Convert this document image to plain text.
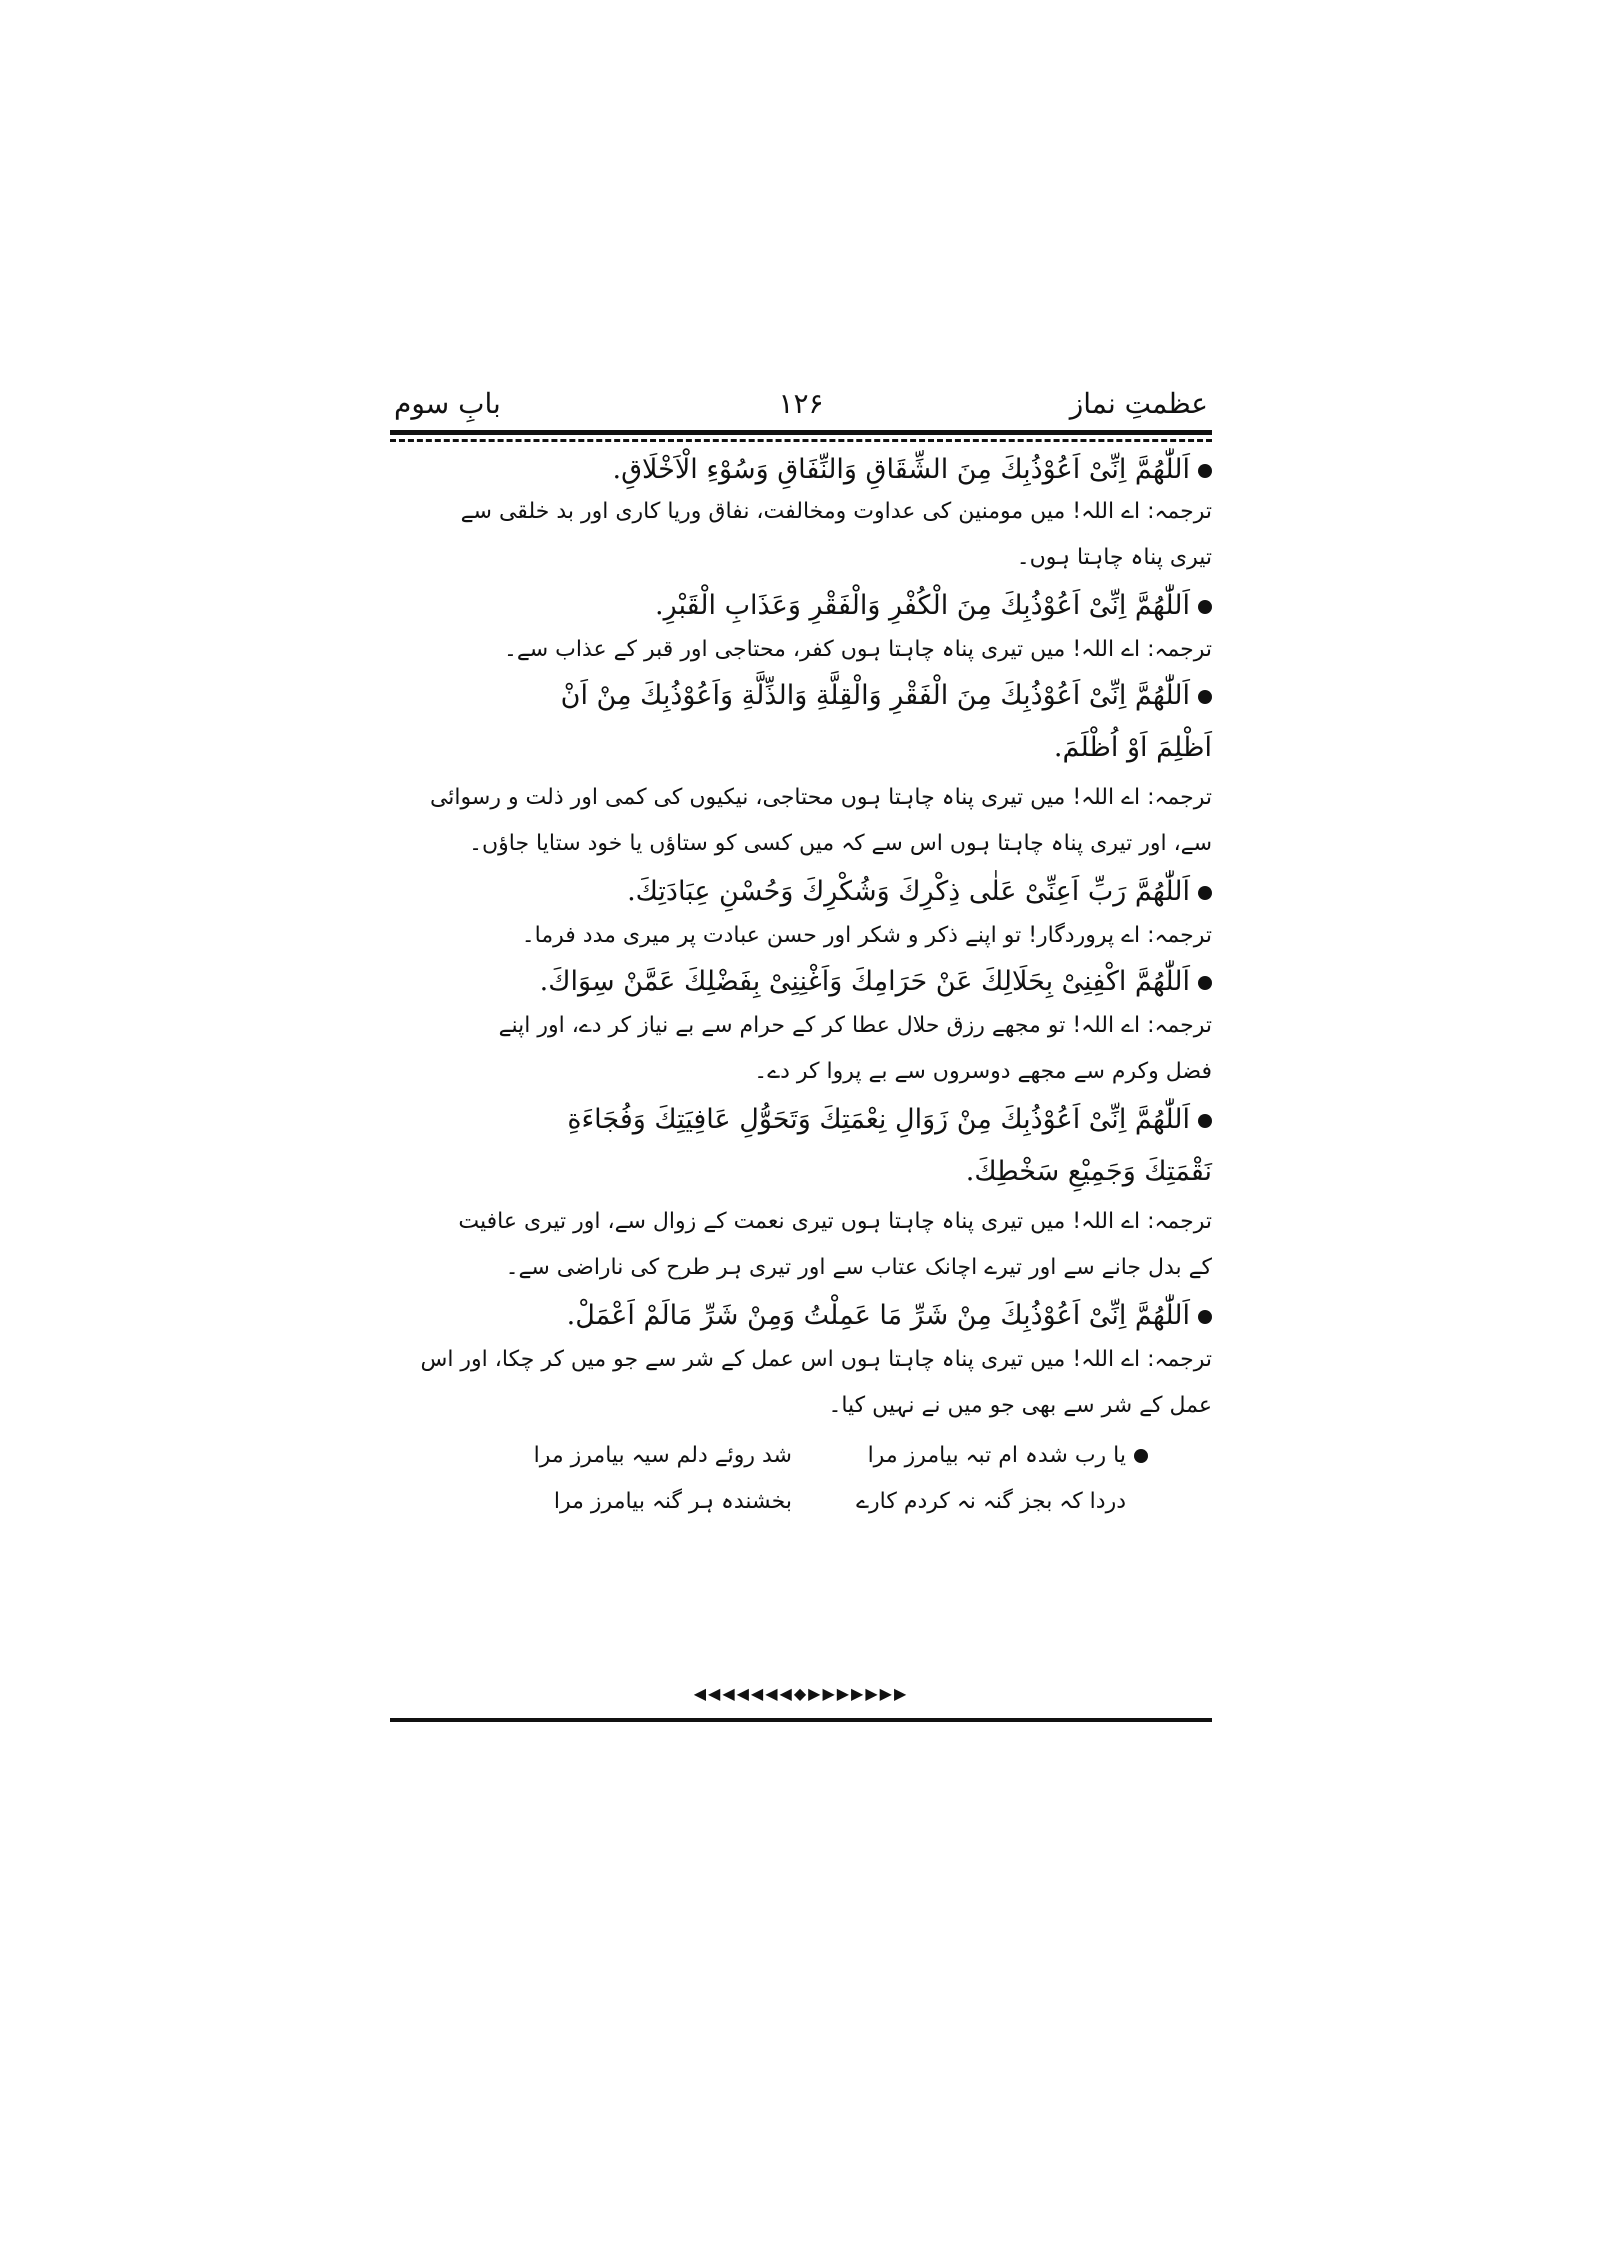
عظمتِ نماز
۱۲۶
بابِ سوم
اَللّٰهُمَّ اِنِّیْ اَعُوْذُبِكَ مِنَ الشِّقَاقِ وَالنِّفَاقِ وَسُوْءِ الْاَخْلَاقِ.
ترجمہ: اے اللہ! میں مومنین کی عداوت ومخالفت، نفاق وریا کاری اور بد خلقی سے
تیری پناہ چاہتا ہوں۔
اَللّٰهُمَّ اِنِّیْ اَعُوْذُبِكَ مِنَ الْكُفْرِ وَالْفَقْرِ وَعَذَابِ الْقَبْرِ.
ترجمہ: اے اللہ! میں تیری پناہ چاہتا ہوں کفر، محتاجی اور قبر کے عذاب سے۔
اَللّٰهُمَّ اِنِّیْ اَعُوْذُبِكَ مِنَ الْفَقْرِ وَالْقِلَّةِ وَالذِّلَّةِ وَاَعُوْذُبِكَ مِنْ اَنْ
اَظْلِمَ اَوْ اُظْلَمَ.
ترجمہ: اے اللہ! میں تیری پناہ چاہتا ہوں محتاجی، نیکیوں کی کمی اور ذلت و رسوائی
سے، اور تیری پناہ چاہتا ہوں اس سے کہ میں کسی کو ستاؤں یا خود ستایا جاؤں۔
اَللّٰهُمَّ رَبِّ اَعِنِّیْ عَلٰی ذِكْرِكَ وَشُكْرِكَ وَحُسْنِ عِبَادَتِكَ.
ترجمہ: اے پروردگار! تو اپنے ذکر و شکر اور حسن عبادت پر میری مدد فرما۔
اَللّٰهُمَّ اكْفِنِیْ بِحَلَالِكَ عَنْ حَرَامِكَ وَاَغْنِنِیْ بِفَضْلِكَ عَمَّنْ سِوَاكَ.
ترجمہ: اے اللہ! تو مجھے رزق حلال عطا کر کے حرام سے بے نیاز کر دے، اور اپنے
فضل وکرم سے مجھے دوسروں سے بے پروا کر دے۔
اَللّٰهُمَّ اِنِّیْ اَعُوْذُبِكَ مِنْ زَوَالِ نِعْمَتِكَ وَتَحَوُّلِ عَافِيَتِكَ وَفُجَاءَةِ
نَقْمَتِكَ وَجَمِيْعِ سَخْطِكَ.
ترجمہ: اے اللہ! میں تیری پناہ چاہتا ہوں تیری نعمت کے زوال سے، اور تیری عافیت
کے بدل جانے سے اور تیرے اچانک عتاب سے اور تیری ہر طرح کی ناراضی سے۔
اَللّٰهُمَّ اِنِّیْ اَعُوْذُبِكَ مِنْ شَرِّ مَا عَمِلْتُ وَمِنْ شَرِّ مَالَمْ اَعْمَلْ.
ترجمہ: اے اللہ! میں تیری پناہ چاہتا ہوں اس عمل کے شر سے جو میں کر چکا، اور اس
عمل کے شر سے بھی جو میں نے نہیں کیا۔
یا رب شدہ ام تبہ بیامرز مرا
شد روئے دلم سیہ بیامرز مرا
دردا کہ بجز گنہ نہ کردم کارے
بخشندہ ہر گنہ بیامرز مرا
◀◀◀◀◀◀◀◆▶▶▶▶▶▶▶
